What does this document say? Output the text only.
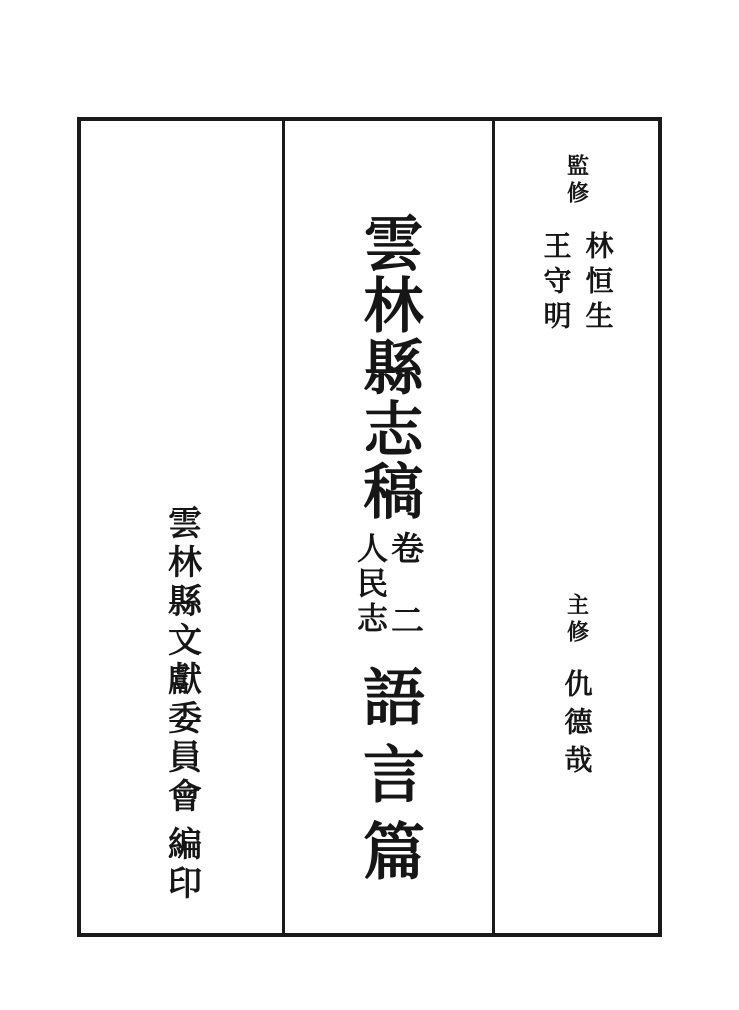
雲林縣文獻委員會編印
雲林縣志稿
卷
二
人民志
語言篇
監修
林恒生
王守明
主修
仇德哉
